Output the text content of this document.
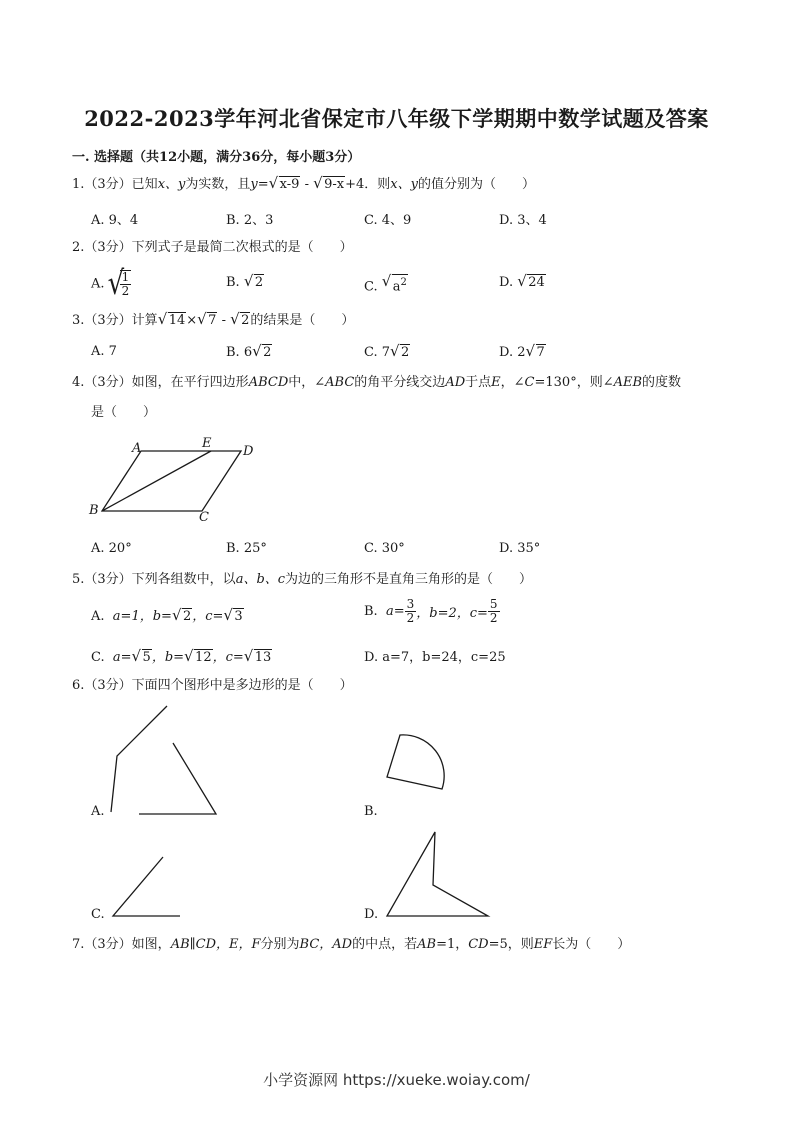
2022-2023学年河北省保定市八年级下学期期中数学试题及答案
一. 选择题（共12小题，满分36分，每小题3分）
1.（3分）已知x、y为实数，且y= √ x-9 - √ 9-x+4．则x、y的值分别为（　　）
A. 9、4	B. 2、3	C. 4、9	D. 3、4
2.（3分）下列式子是最简二次根式的是（　　）
A. √ $\frac{1}{2}$	B. √ 2	C. √ $a^2$	D. √ 24
3.（3分）计算 √ 14× √ 7 - √ 2的结果是（　　）
A. 7	B. 6 √ 2	C. 7 √ 2	D. 2 √ 7
4.（3分）如图，在平行四边形ABCD中，∠ABC的角平分线交边AD于点E，∠C=130°，则∠AEB的度数
是（　　）
A	E
D
B	C
A. 20°	B. 25°	C. 30°	D. 35°
5.（3分）下列各组数中，以a、b、c为边的三角形不是直角三角形的是（　　）
A. a=1，b= √ 2，c= √ 3	B. $a= \frac{3}{2}$ ，b=2，$c= \frac{5}{2}$
C. a= √ 5，b= √ 12，c= √ 13	D. a=7，b=24，c=25
6.（3分）下面四个图形中是多边形的是（　　）
A.	B.
C.	D.
7.（3分）如图，AB∥CD，E，F分别为BC，AD的中点，若AB=1，CD=5，则EF长为（　　）
小学资源网 https://xueke.woiay.com/
